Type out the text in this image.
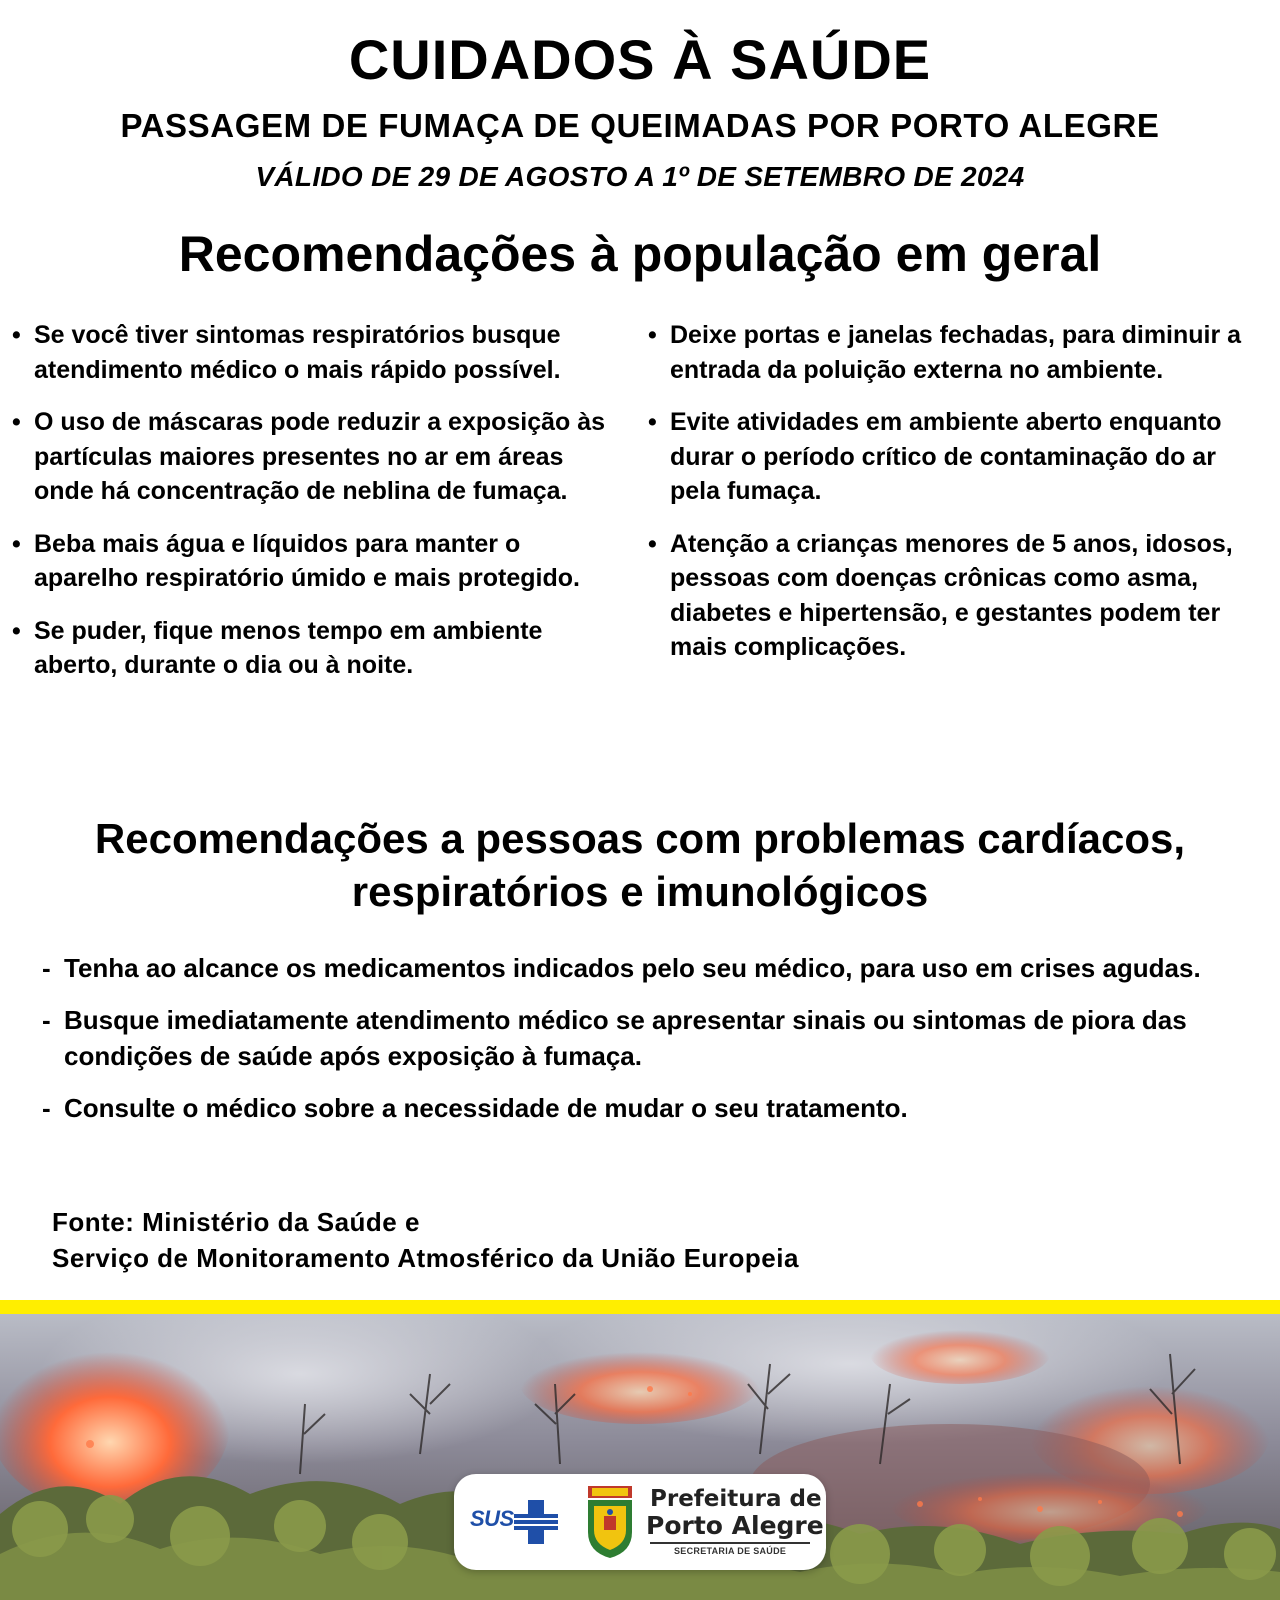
CUIDADOS À SAÚDE
PASSAGEM DE FUMAÇA DE QUEIMADAS POR PORTO ALEGRE
VÁLIDO DE 29 DE AGOSTO A 1º DE SETEMBRO DE 2024
Recomendações à população em geral
• Se você tiver sintomas respiratórios busque atendimento médico o mais rápido possível.
• O uso de máscaras pode reduzir a exposição às partículas maiores presentes no ar em áreas onde há concentração de neblina de fumaça.
• Beba mais água e líquidos para manter o aparelho respiratório úmido e mais protegido.
• Se puder, fique menos tempo em ambiente aberto, durante o dia ou à noite.
• Deixe portas e janelas fechadas, para diminuir a entrada da poluição externa no ambiente.
• Evite atividades em ambiente aberto enquanto durar o período crítico de contaminação do ar pela fumaça.
• Atenção a crianças menores de 5 anos, idosos, pessoas com doenças crônicas como asma, diabetes e hipertensão, e gestantes podem ter mais complicações.
Recomendações a pessoas com problemas cardíacos,
respiratórios e imunológicos
- Tenha ao alcance os medicamentos indicados pelo seu médico, para uso em crises agudas.
- Busque imediatamente atendimento médico se apresentar sinais ou sintomas de piora das condições de saúde após exposição à fumaça.
- Consulte o médico sobre a necessidade de mudar o seu tratamento.
Fonte: Ministério da Saúde e
Serviço de Monitoramento Atmosférico da União Europeia
SUS
Prefeitura de
Porto Alegre
SECRETARIA DE SAÚDE
